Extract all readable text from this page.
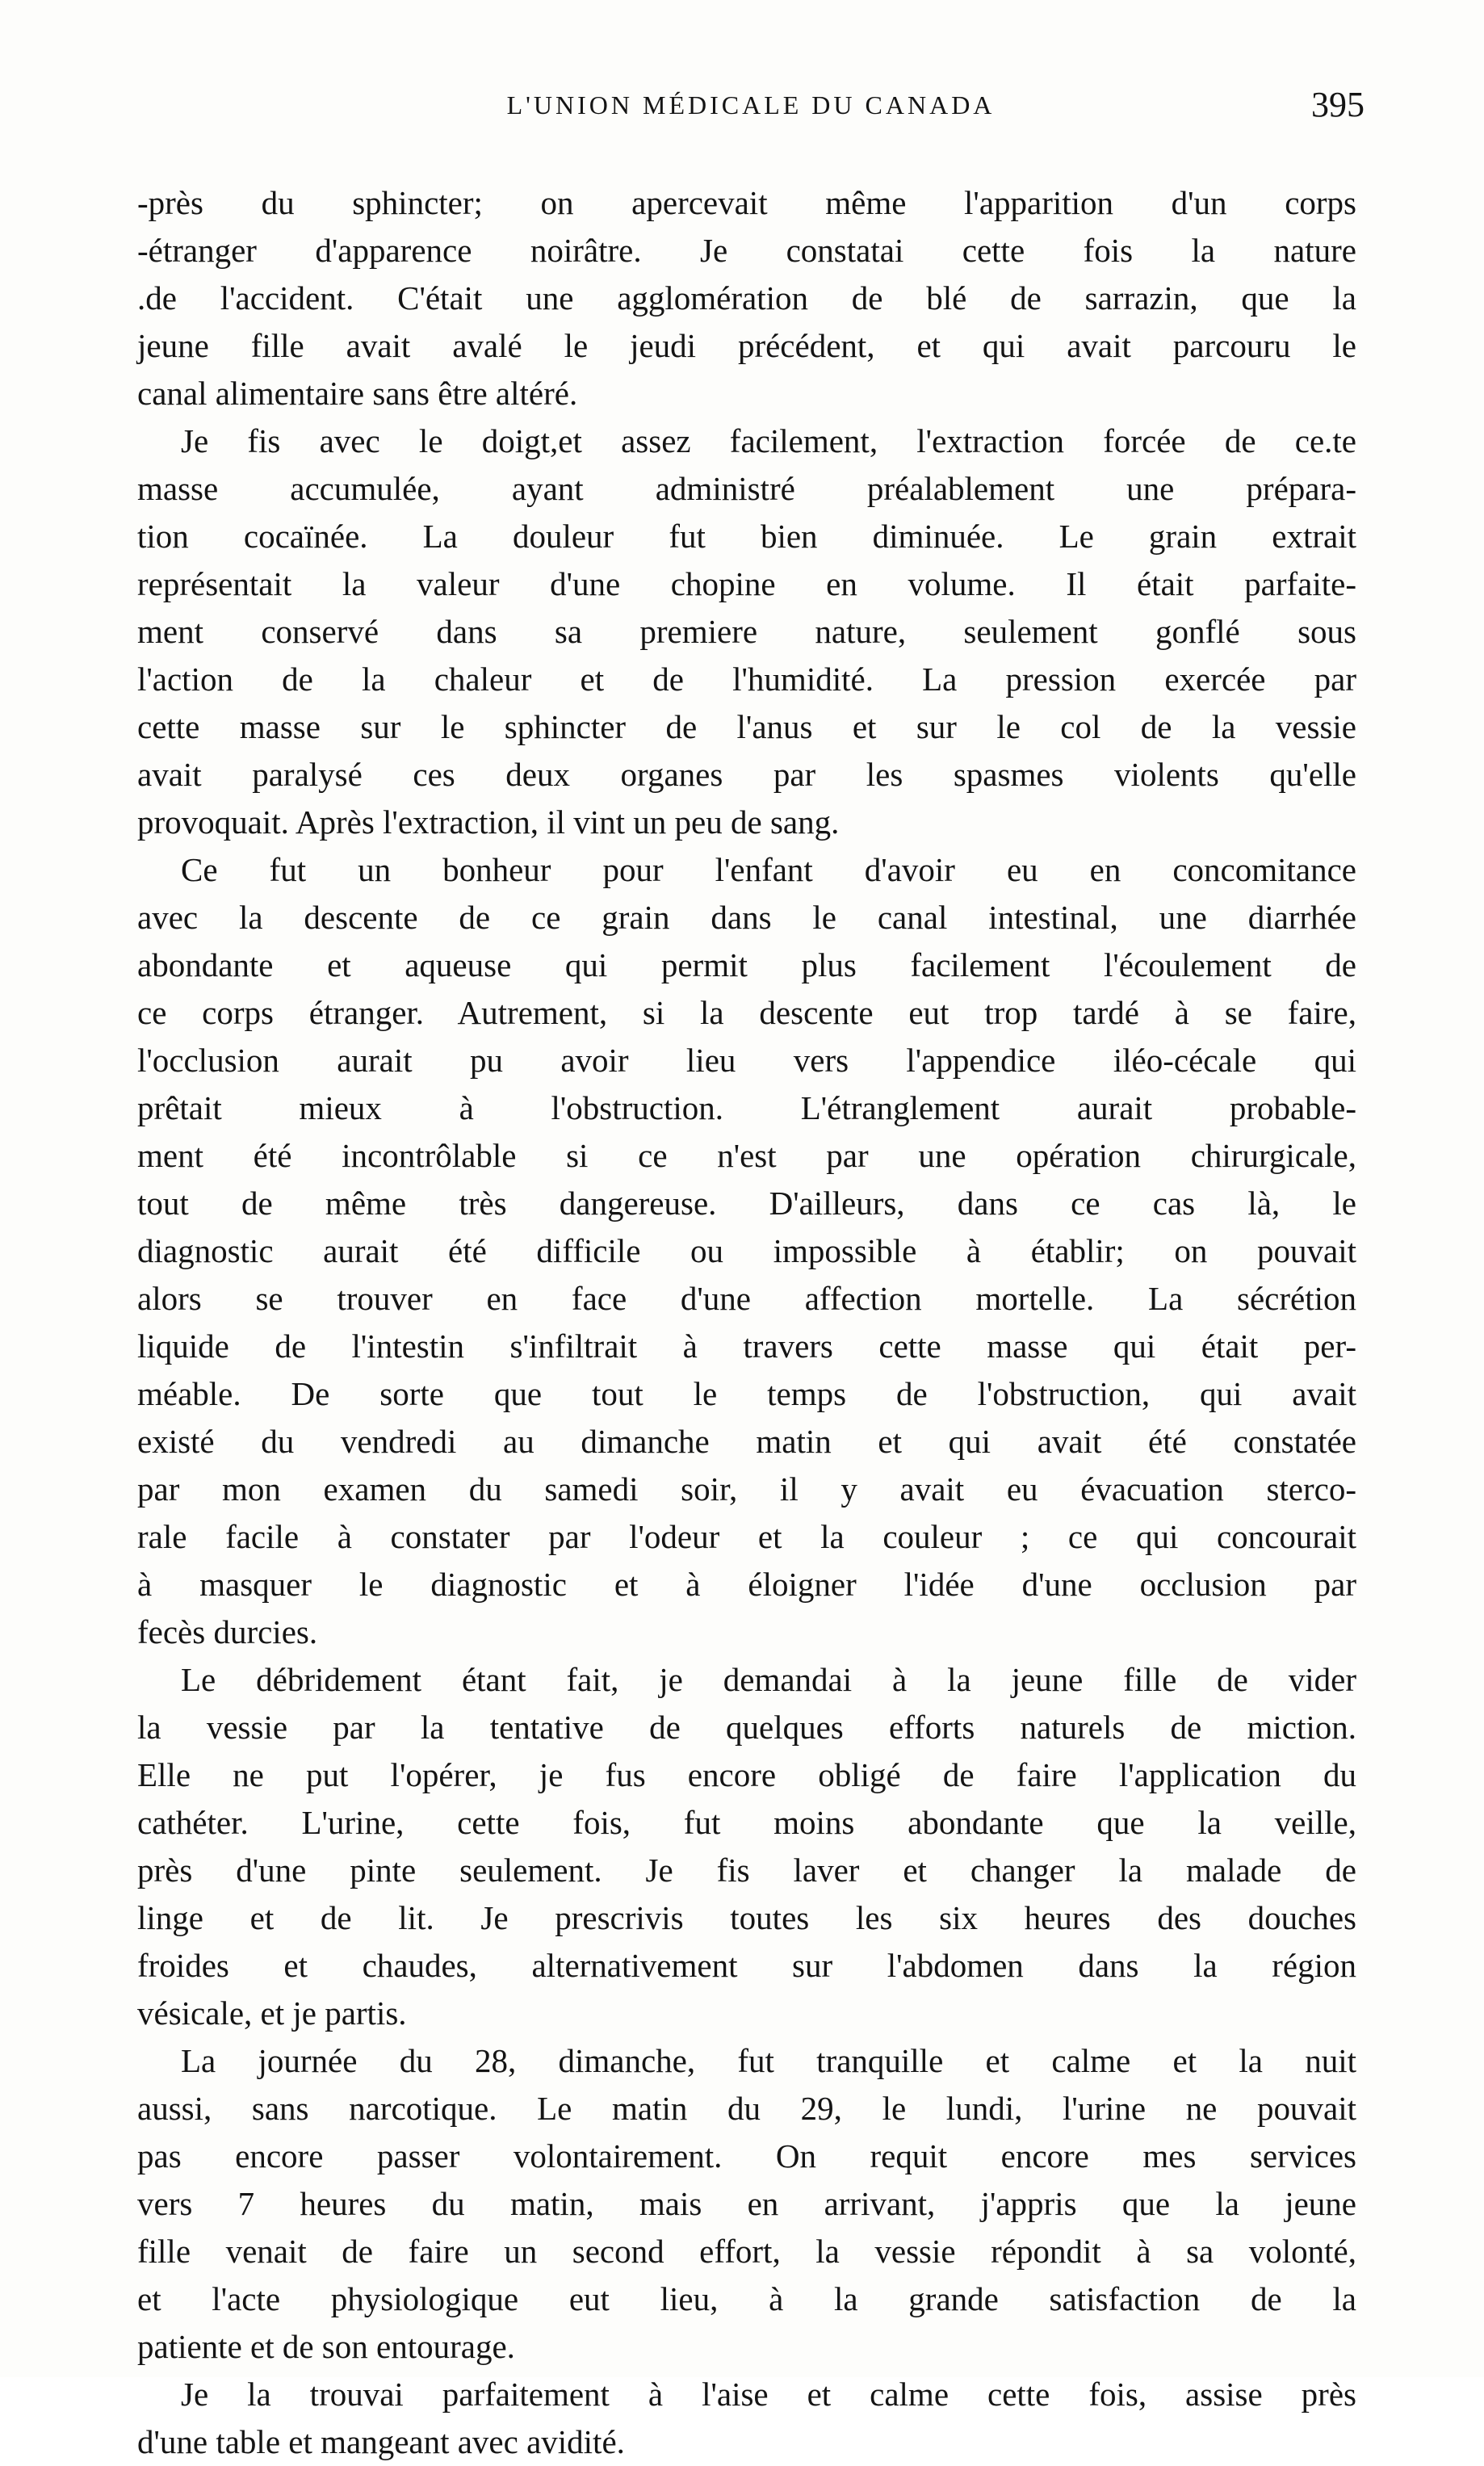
L'UNION MÉDICALE DU CANADA	395
-près du sphincter; on apercevait même l'apparition d'un corps
-étranger d'apparence noirâtre. Je constatai cette fois la nature
.de l'accident. C'était une agglomération de blé de sarrazin, que la
jeune fille avait avalé le jeudi précédent, et qui avait parcouru le
canal alimentaire sans être altéré.
Je fis avec le doigt,et assez facilement, l'extraction forcée de ce.te
masse accumulée, ayant administré préalablement une prépara-
tion cocaïnée. La douleur fut bien diminuée. Le grain extrait
représentait la valeur d'une chopine en volume. Il était parfaite-
ment conservé dans sa premiere nature, seulement gonflé sous
l'action de la chaleur et de l'humidité. La pression exercée par
cette masse sur le sphincter de l'anus et sur le col de la vessie
avait paralysé ces deux organes par les spasmes violents qu'elle
provoquait. Après l'extraction, il vint un peu de sang.
Ce fut un bonheur pour l'enfant d'avoir eu en concomitance
avec la descente de ce grain dans le canal intestinal, une diarrhée
abondante et aqueuse qui permit plus facilement l'écoulement de
ce corps étranger. Autrement, si la descente eut trop tardé à se faire,
l'occlusion aurait pu avoir lieu vers l'appendice iléo-cécale qui
prêtait mieux à l'obstruction. L'étranglement aurait probable-
ment été incontrôlable si ce n'est par une opération chirurgicale,
tout de même très dangereuse. D'ailleurs, dans ce cas là, le
diagnostic aurait été difficile ou impossible à établir; on pouvait
alors se trouver en face d'une affection mortelle. La sécrétion
liquide de l'intestin s'infiltrait à travers cette masse qui était per-
méable. De sorte que tout le temps de l'obstruction, qui avait
existé du vendredi au dimanche matin et qui avait été constatée
par mon examen du samedi soir, il y avait eu évacuation sterco-
rale facile à constater par l'odeur et la couleur ; ce qui concourait
à masquer le diagnostic et à éloigner l'idée d'une occlusion par
fecès durcies.
Le débridement étant fait, je demandai à la jeune fille de vider
la vessie par la tentative de quelques efforts naturels de miction.
Elle ne put l'opérer, je fus encore obligé de faire l'application du
cathéter. L'urine, cette fois, fut moins abondante que la veille,
près d'une pinte seulement. Je fis laver et changer la malade de
linge et de lit. Je prescrivis toutes les six heures des douches
froides et chaudes, alternativement sur l'abdomen dans la région
vésicale, et je partis.
La journée du 28, dimanche, fut tranquille et calme et la nuit
aussi, sans narcotique. Le matin du 29, le lundi, l'urine ne pouvait
pas encore passer volontairement. On requit encore mes services
vers 7 heures du matin, mais en arrivant, j'appris que la jeune
fille venait de faire un second effort, la vessie répondit à sa volonté,
et l'acte physiologique eut lieu, à la grande satisfaction de la
patiente et de son entourage.
Je la trouvai parfaitement à l'aise et calme cette fois, assise près
d'une table et mangeant avec avidité.
